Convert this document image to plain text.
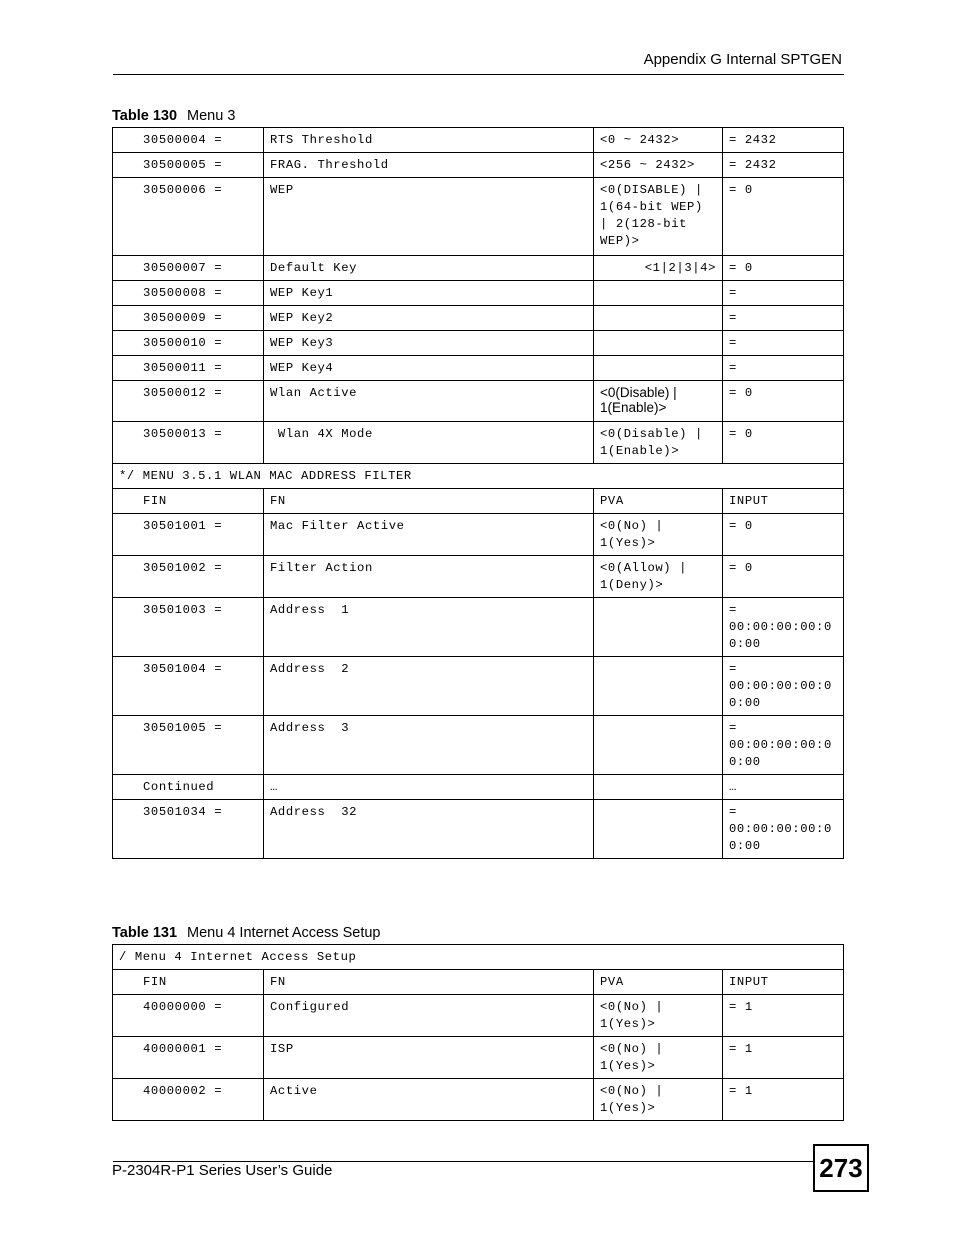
Appendix G Internal SPTGEN
Table 130 Menu 3
30500004 =	RTS Threshold	<0 ~ 2432>	= 2432
30500005 =	FRAG. Threshold	<256 ~ 2432>	= 2432
30500006 =	WEP	<0(DISABLE) | 1(64-bit WEP) | 2(128-bit WEP)>	= 0
30500007 =	Default Key	<1|2|3|4>	= 0
30500008 =	WEP Key1		=
30500009 =	WEP Key2		=
30500010 =	WEP Key3		=
30500011 =	WEP Key4		=
30500012 =	Wlan Active	<0(Disable) | 1(Enable)>	= 0
30500013 =	Wlan 4X Mode	<0(Disable) | 1(Enable)>	= 0
*/ MENU 3.5.1 WLAN MAC ADDRESS FILTER			
FIN	FN	PVA	INPUT
30501001 =	Mac Filter Active	<0(No) | 1(Yes)>	= 0
30501002 =	Filter Action	<0(Allow) | 1(Deny)>	= 0
30501003 =	Address  1		= 00:00:00:00:00:00
30501004 =	Address  2		= 00:00:00:00:00:00
30501005 =	Address  3		= 00:00:00:00:00:00
Continued	…		…
30501034 =	Address  32		= 00:00:00:00:00:00
Table 131 Menu 4 Internet Access Setup
/ Menu 4 Internet Access Setup			
FIN	FN	PVA	INPUT
40000000 =	Configured	<0(No) | 1(Yes)>	= 1
40000001 =	ISP	<0(No) | 1(Yes)>	= 1
40000002 =	Active	<0(No) | 1(Yes)>	= 1
P-2304R-P1 Series User’s Guide	273
